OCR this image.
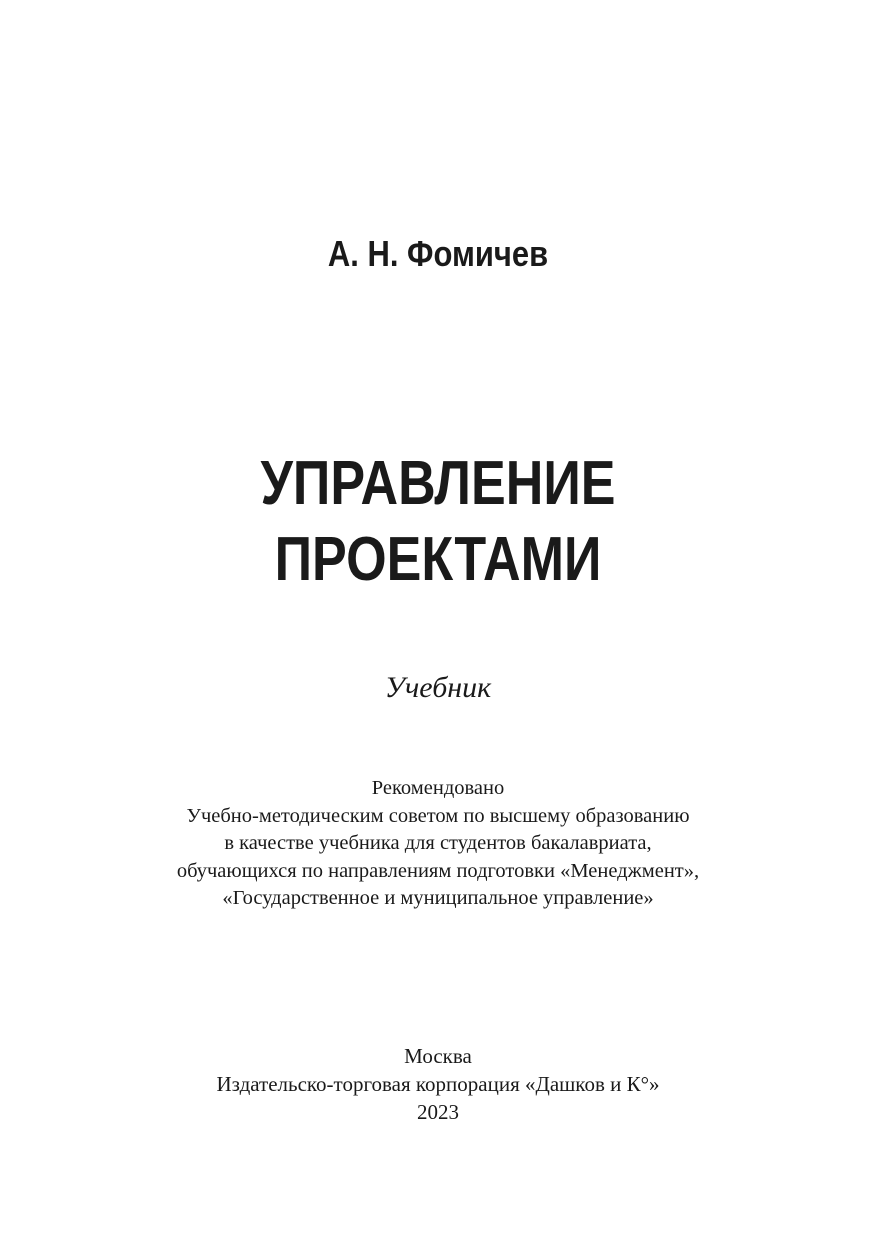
А. Н. Фомичев
УПРАВЛЕНИЕ
ПРОЕКТАМИ
Учебник
Рекомендовано
Учебно-методическим советом по высшему образованию
в качестве учебника для студентов бакалавриата,
обучающихся по направлениям подготовки «Менеджмент»,
«Государственное и муниципальное управление»
Москва
Издательско-торговая корпорация «Дашков и К°»
2023
